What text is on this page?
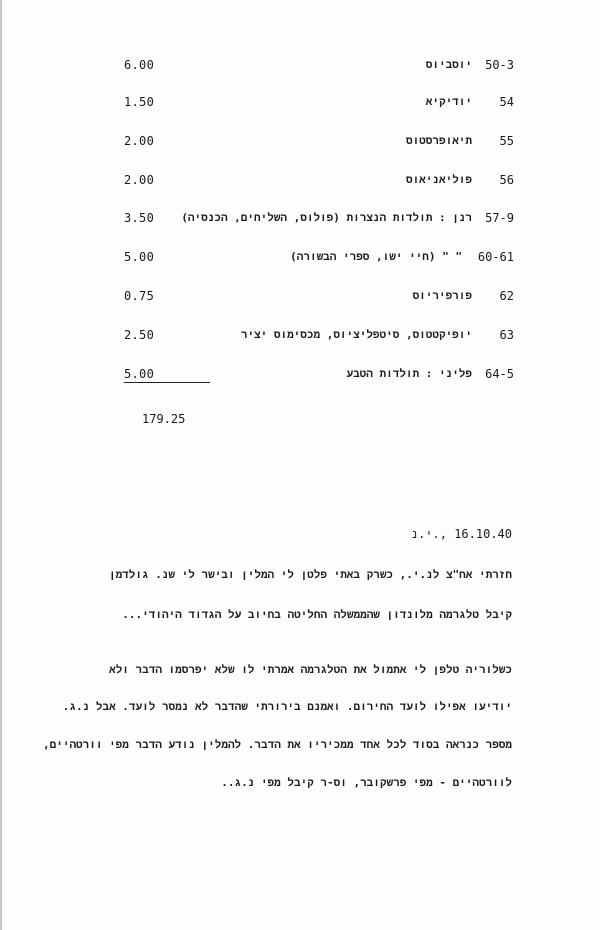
6.00	יוסביוס 50-3
1.50	יודיקיא 54
2.00	תיאופרסטוס 55
2.00	פוליאניאוס 56
3.50	רנן : תולדות הנצרות (פולוס, השליחים, הכנסיה) 57-9
5.00	" " (חיי ישו, ספרי הבשורה) 60-61
0.75	פורפיריוס 62
2.50	יופיקטטוס, סיטפליציוס, מכסימוס יציר 63
5.00	פליני : תולדות הטבע 64-5
179.25
16.10.40 ,.י.נ
חזרתי אח"צ לנ.י., כשרק באתי פלטן לי המלין ובישר לי שנ. גולדמן
קיבל טלגרמה מלונדון שהממשלה החליטה בחיוב על הגדוד היהודי...
כשלוריה טלפן לי אתמול את הטלגרמה אמרתי לו שלא יפרסמו הדבר ולא
יודיעו אפילו לועד החירום. ואמנם בירורתי שהדבר לא נמסר לועד. אבל נ.ג.
מספר כנראה בסוד לכל אחד ממכיריו את הדבר. להמלין נודע הדבר מפי וורטהיים,
לוורטהיים - מפי פרשקובר, וס-ר קיבל מפי נ.ג..
